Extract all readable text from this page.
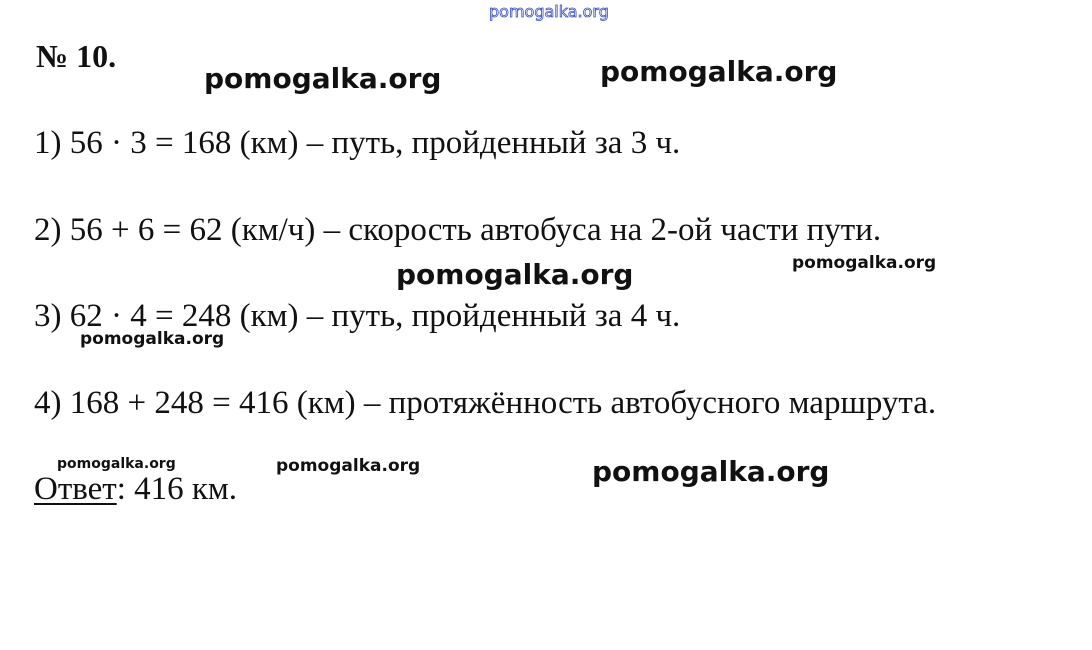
pomogalka.org
№ 10.
pomogalka.org	pomogalka.org
1) 56 · 3 = 168 (км) – путь, пройденный за 3 ч.
2) 56 + 6 = 62 (км/ч) – скорость автобуса на 2-ой части пути.
pomogalka.org	pomogalka.org
3) 62 · 4 = 248 (км) – путь, пройденный за 4 ч.
pomogalka.org
4) 168 + 248 = 416 (км) – протяжённость автобусного маршрута.
pomogalka.org	pomogalka.org	pomogalka.org
Ответ: 416 км.
